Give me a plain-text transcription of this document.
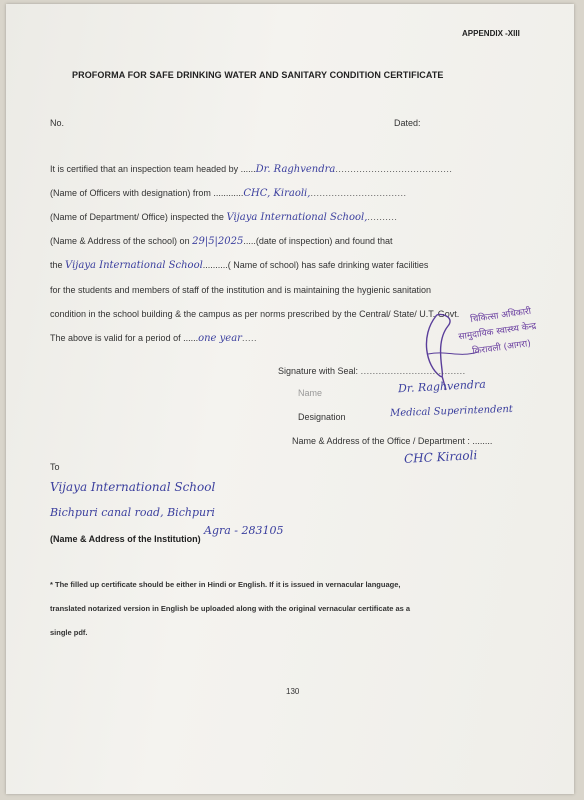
APPENDIX -XIII
PROFORMA FOR SAFE DRINKING WATER AND SANITARY CONDITION CERTIFICATE
No.	Dated:
It is certified that an inspection team headed by ......Dr. Raghvendra.......................................
(Name of Officers with designation) from ............CHC, Kiraoli,................................
(Name of Department/ Office) inspected the Vijaya International School,..........
(Name & Address of the school) on 29|5|2025.....(date of inspection) and found that
the Vijaya International School..........( Name of school) has safe drinking water facilities
for the students and members of staff of the institution and is maintaining the hygienic sanitation
condition in the school building & the campus as per norms prescribed by the Central/ State/ U.T. Govt.
The above is valid for a period of ......one year.....
चिकित्सा अधिकारी
सामुदायिक स्वास्थ्य केन्द्र
किरावली (आगरा)
Signature with Seal: ...................................
Name	Dr. Raghvendra
Designation	Medical Superintendent
Name & Address of the Office / Department : ........
CHC Kiraoli
To
Vijaya International School
Bichpuri canal road, Bichpuri
Agra - 283105
(Name & Address of the Institution)
* The filled up certificate should be either in Hindi or English. If it is issued in vernacular language,
translated notarized version in English be uploaded along with the original vernacular certificate as a
single pdf.
130
